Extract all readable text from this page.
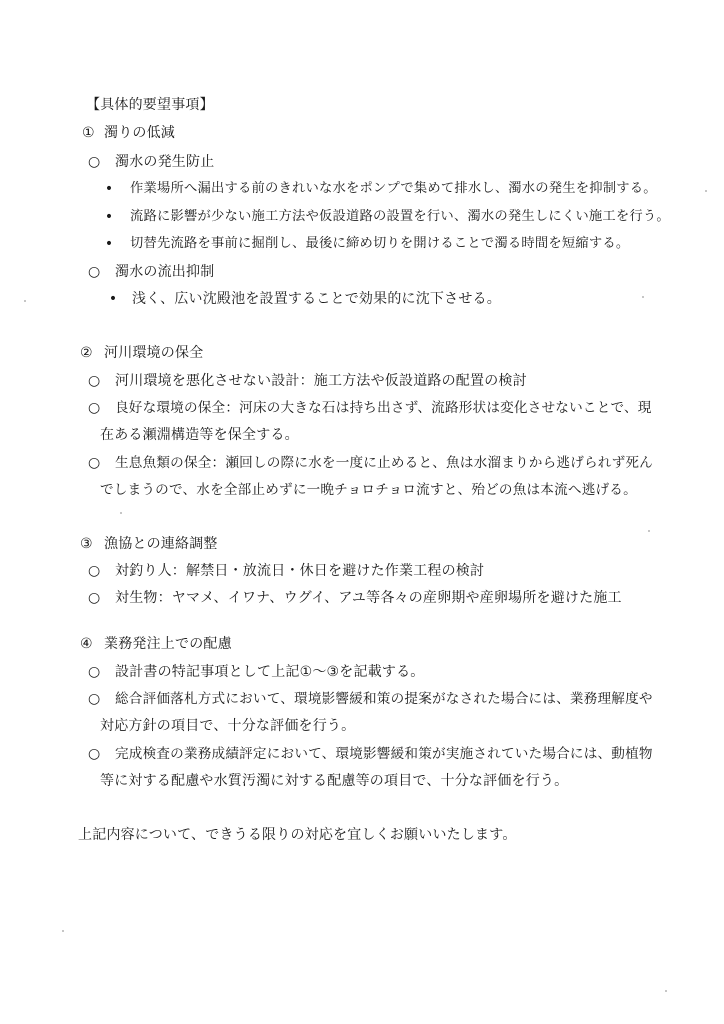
【具体的要望事項】
① 濁りの低減
○ 濁水の発生防止
• 作業場所へ漏出する前のきれいな水をポンプで集めて排水し、濁水の発生を抑制する。
• 流路に影響が少ない施工方法や仮設道路の設置を行い、濁水の発生しにくい施工を行う。
• 切替先流路を事前に掘削し、最後に締め切りを開けることで濁る時間を短縮する。
○ 濁水の流出抑制
• 浅く、広い沈殿池を設置することで効果的に沈下させる。
② 河川環境の保全
○ 河川環境を悪化させない設計：施工方法や仮設道路の配置の検討
○ 良好な環境の保全：河床の大きな石は持ち出さず、流路形状は変化させないことで、現
在ある瀬淵構造等を保全する。
○ 生息魚類の保全：瀬回しの際に水を一度に止めると、魚は水溜まりから逃げられず死ん
でしまうので、水を全部止めずに一晩チョロチョロ流すと、殆どの魚は本流へ逃げる。
③ 漁協との連絡調整
○ 対釣り人：解禁日・放流日・休日を避けた作業工程の検討
○ 対生物：ヤマメ、イワナ、ウグイ、アユ等各々の産卵期や産卵場所を避けた施工
④ 業務発注上での配慮
○ 設計書の特記事項として上記①～③を記載する。
○ 総合評価落札方式において、環境影響緩和策の提案がなされた場合には、業務理解度や
対応方針の項目で、十分な評価を行う。
○ 完成検査の業務成績評定において、環境影響緩和策が実施されていた場合には、動植物
等に対する配慮や水質汚濁に対する配慮等の項目で、十分な評価を行う。
上記内容について、できうる限りの対応を宜しくお願いいたします。
